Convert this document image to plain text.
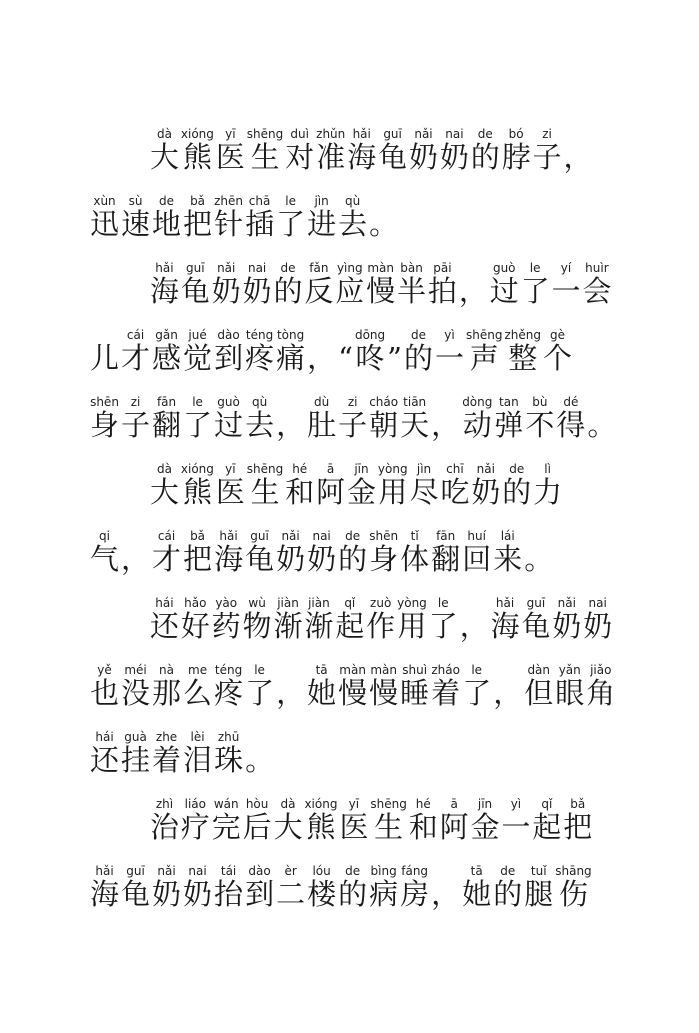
大dà
熊xióng
医yī
生shēng
对duì
准zhǔn
海hǎi
龟guī
奶nǎi
奶nai
的de
脖bó
子zi
，
迅xùn
速sù
地de
把bǎ
针zhēn
插chā
了le
进jìn
去qù
。
海hǎi
龟guī
奶nǎi
奶nai
的de
反fǎn
应yìng
慢màn
半bàn
拍pāi
， 过guò
了le
一yí
会huìr
儿 才cái
感gǎn
觉jué
到dào
疼téng
痛tòng
， “ 咚dōng
” 的de
一yì
声shēng
整zhěng
个gè
身shēn
子zi
翻fān
了le
过guò
去qù
， 肚dù
子zi
朝cháo
天tiān
， 动dòng
弹tan
不bù
得dé
。
大dà
熊xióng
医yī
生shēng
和hé
阿ā
金jīn
用yòng
尽jìn
吃chī
奶nǎi
的de
力lì
气qi
， 才cái
把bǎ
海hǎi
龟guī
奶nǎi
奶nai
的de
身shēn
体tǐ
翻fān
回huí
来lái
。
还hái
好hǎo
药yào
物wù
渐jiàn
渐jiàn
起qǐ
作zuò
用yòng
了le
， 海hǎi
龟guī
奶nǎi
奶nai
也yě
没méi
那nà
么me
疼téng
了le
， 她tā
慢màn
慢màn
睡shuì
着zháo
了le
， 但dàn
眼yǎn
角jiǎo
还hái
挂guà
着zhe
泪lèi
珠zhū
。
治zhì
疗liáo
完wán
后hòu
大dà
熊xióng
医yī
生shēng
和hé
阿ā
金jīn
一yì
起qǐ
把bǎ
海hǎi
龟guī
奶nǎi
奶nai
抬tái
到dào
二èr
楼lóu
的de
病bìng
房fáng
， 她tā
的de
腿tuǐ
伤shāng
